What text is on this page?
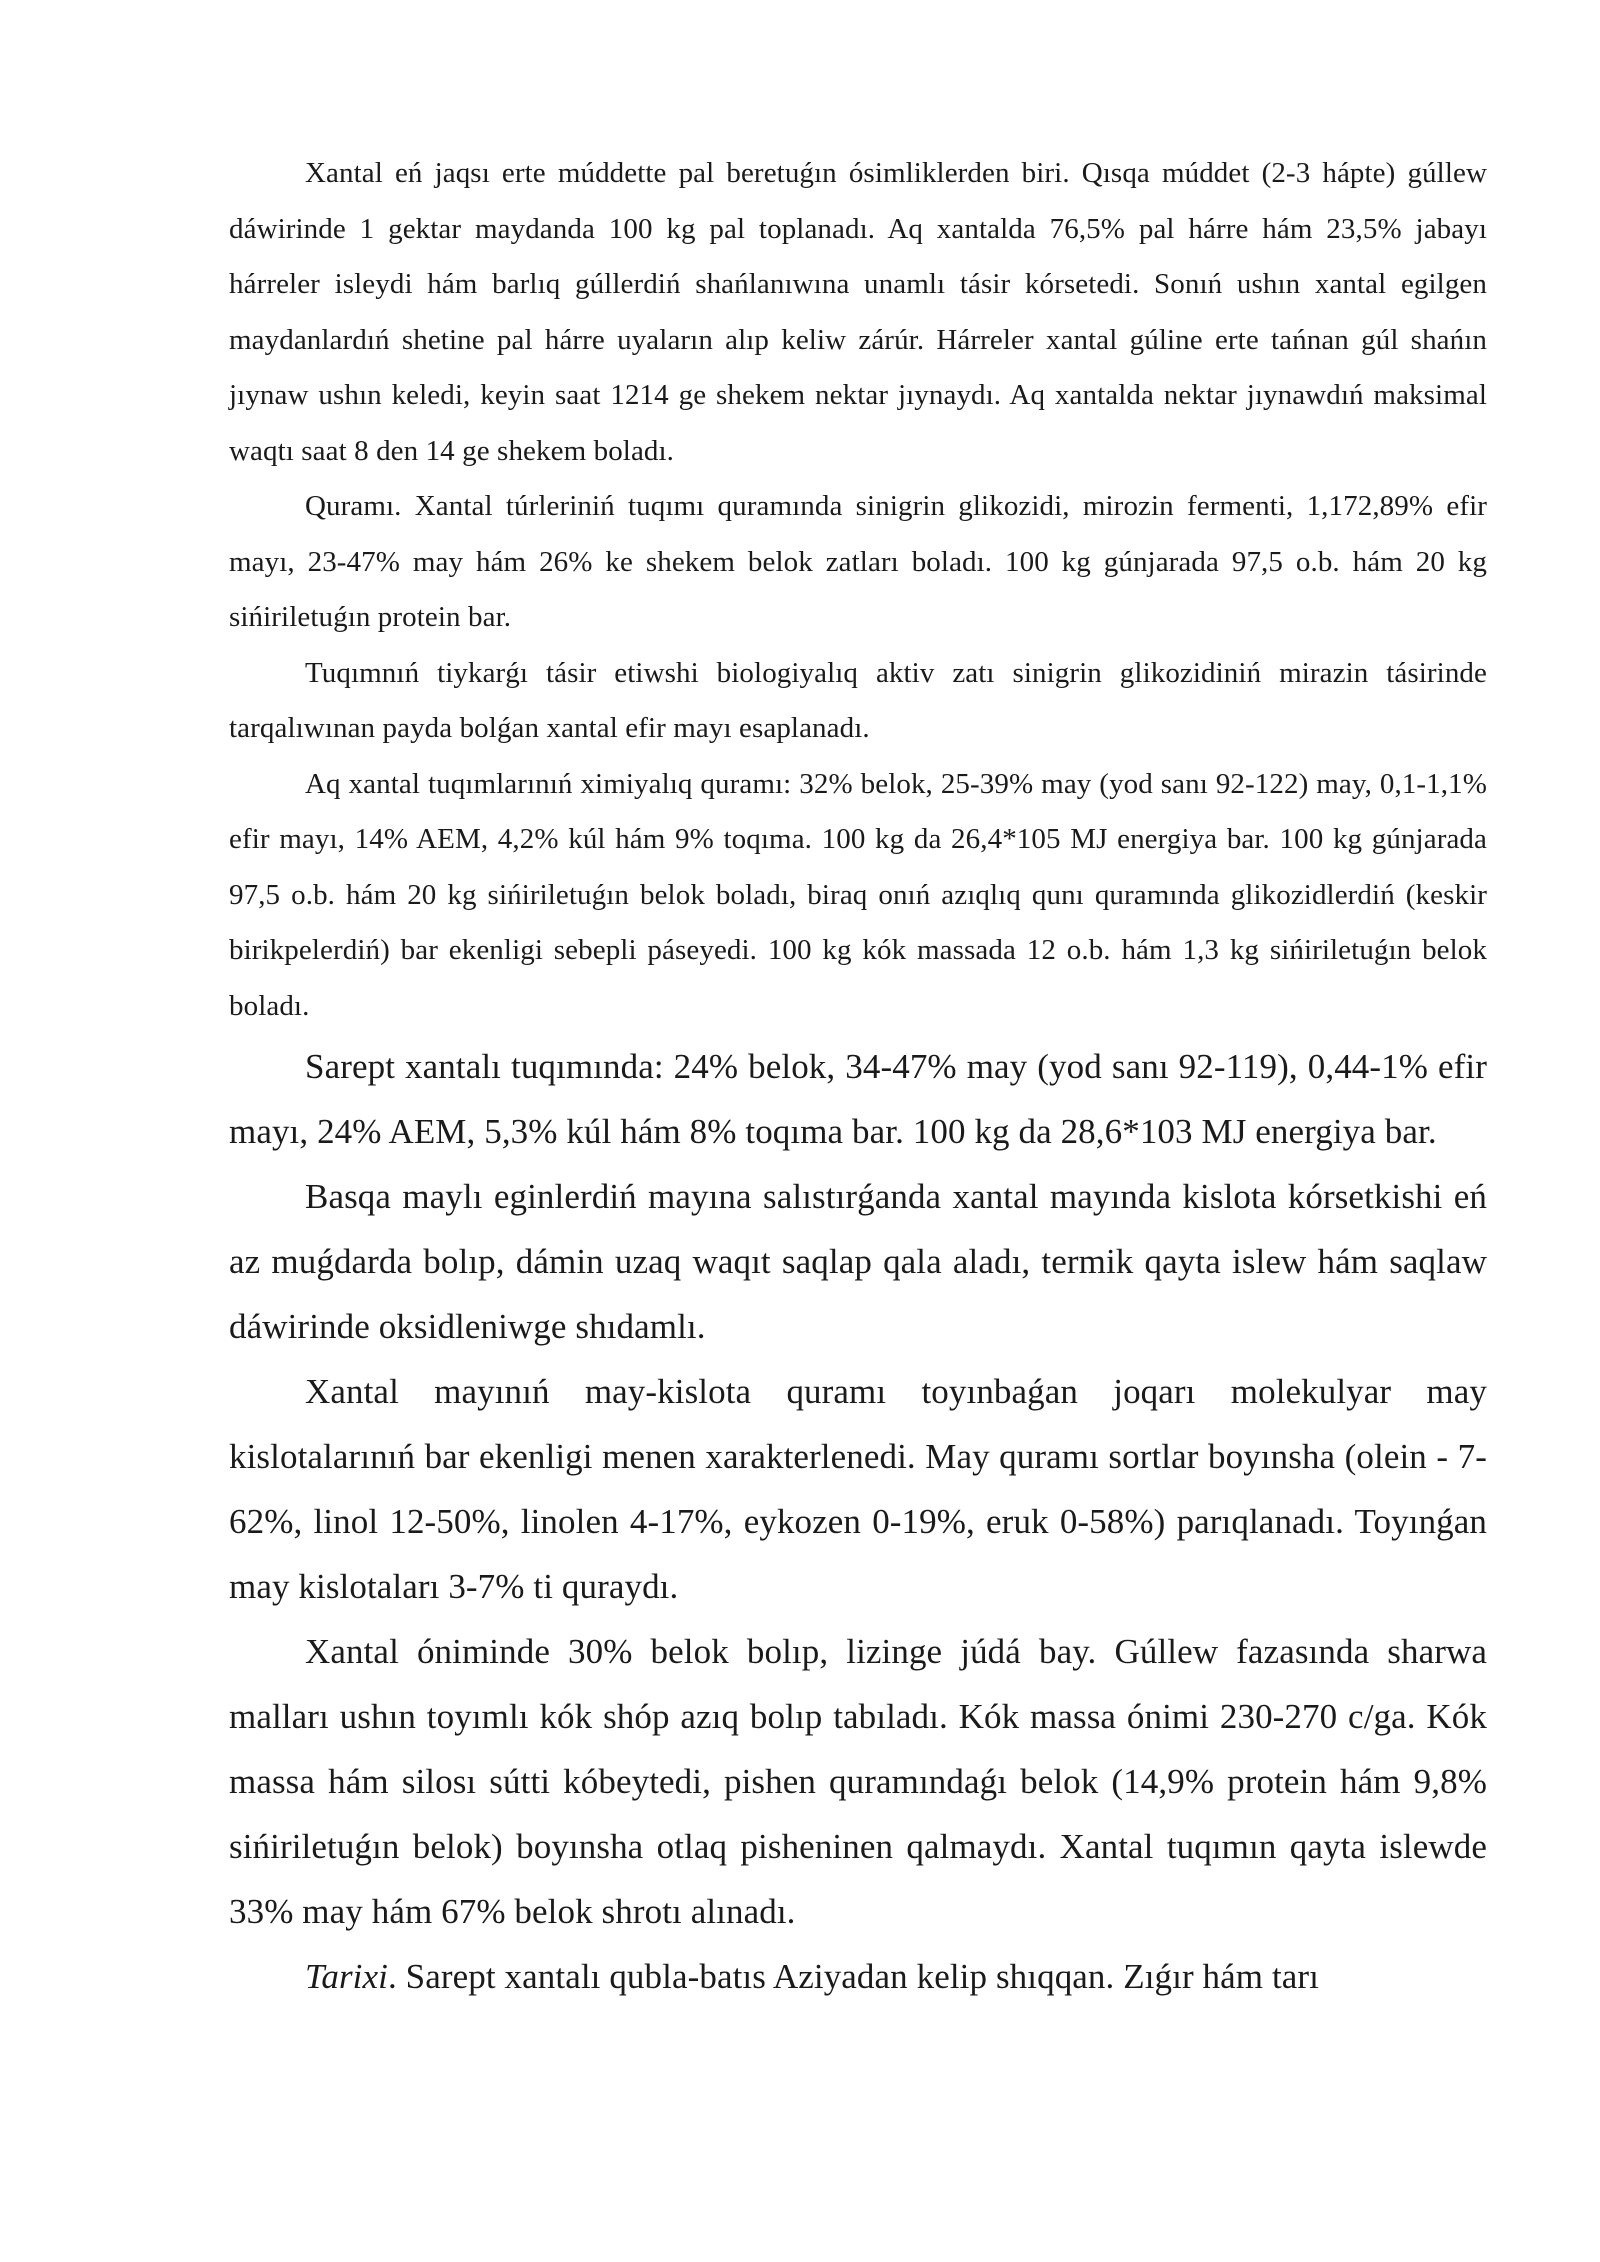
Xantal eń jaqsı erte múddette pal beretuǵın ósimliklerden biri. Qısqa múddet (2-3 hápte) gúllew dáwirinde 1 gektar maydanda 100 kg pal toplanadı. Aq xantalda 76,5% pal hárre hám 23,5% jabayı hárreler isleydi hám barlıq gúllerdiń shańlanıwına unamlı tásir kórsetedi. Sonıń ushın xantal egilgen maydanlardıń shetine pal hárre uyaların alıp keliw zárúr. Hárreler xantal gúline erte tańnan gúl shańın jıynaw ushın keledi, keyin saat 1214 ge shekem nektar jıynaydı. Aq xantalda nektar jıynawdıń maksimal waqtı saat 8 den 14 ge shekem boladı.

Quramı. Xantal túrleriniń tuqımı quramında sinigrin glikozidi, mirozin fermenti, 1,172,89% efir mayı, 23-47% may hám 26% ke shekem belok zatları boladı. 100 kg gúnjarada 97,5 o.b. hám 20 kg sińiriletuǵın protein bar.

Tuqımnıń tiykarǵı tásir etiwshi biologiyalıq aktiv zatı sinigrin glikozidiniń mirazin tásirinde tarqalıwınan payda bolǵan xantal efir mayı esaplanadı.

Aq xantal tuqımlarınıń ximiyalıq quramı: 32% belok, 25-39% may (yod sanı 92-122) may, 0,1-1,1% efir mayı, 14% AEM, 4,2% kúl hám 9% toqıma. 100 kg da 26,4*105 MJ energiya bar. 100 kg gúnjarada 97,5 o.b. hám 20 kg sińiriletuǵın belok boladı, biraq onıń azıqlıq qunı quramında glikozidlerdiń (keskir birikpelerdiń) bar ekenligi sebepli páseyedi. 100 kg kók massada 12 o.b. hám 1,3 kg sińiriletuǵın belok boladı.

Sarept xantalı tuqımında: 24% belok, 34-47% may (yod sanı 92-119), 0,44-1% efir mayı, 24% AEM, 5,3% kúl hám 8% toqıma bar. 100 kg da 28,6*103 MJ energiya bar.

Basqa maylı eginlerdiń mayına salıstırǵanda xantal mayında kislota kórsetkishi eń az muǵdarda bolıp, dámin uzaq waqıt saqlap qala aladı, termik qayta islew hám saqlaw dáwirinde oksidleniwge shıdamlı.

Xantal mayınıń may-kislota quramı toyınbaǵan joqarı molekulyar may kislotalarınıń bar ekenligi menen xarakterlenedi. May quramı sortlar boyınsha (olein - 7-62%, linol 12-50%, linolen 4-17%, eykozen 0-19%, eruk 0-58%) parıqlanadı. Toyınǵan may kislotaları 3-7% ti quraydı.

Xantal óniminde 30% belok bolıp, lizinge júdá bay. Gúllew fazasında sharwa malları ushın toyımlı kók shóp azıq bolıp tabıladı. Kók massa ónimi 230-270 c/ga. Kók massa hám silosı sútti kóbeytedi, pishen quramındaǵı belok (14,9% protein hám 9,8% sińiriletuǵın belok) boyınsha otlaq pisheninen qalmaydı. Xantal tuqımın qayta islewde 33% may hám 67% belok shrotı alınadı.

Tarixi. Sarept xantalı qubla-batıs Aziyadan kelip shıqqan. Zıǵır hám tarı
